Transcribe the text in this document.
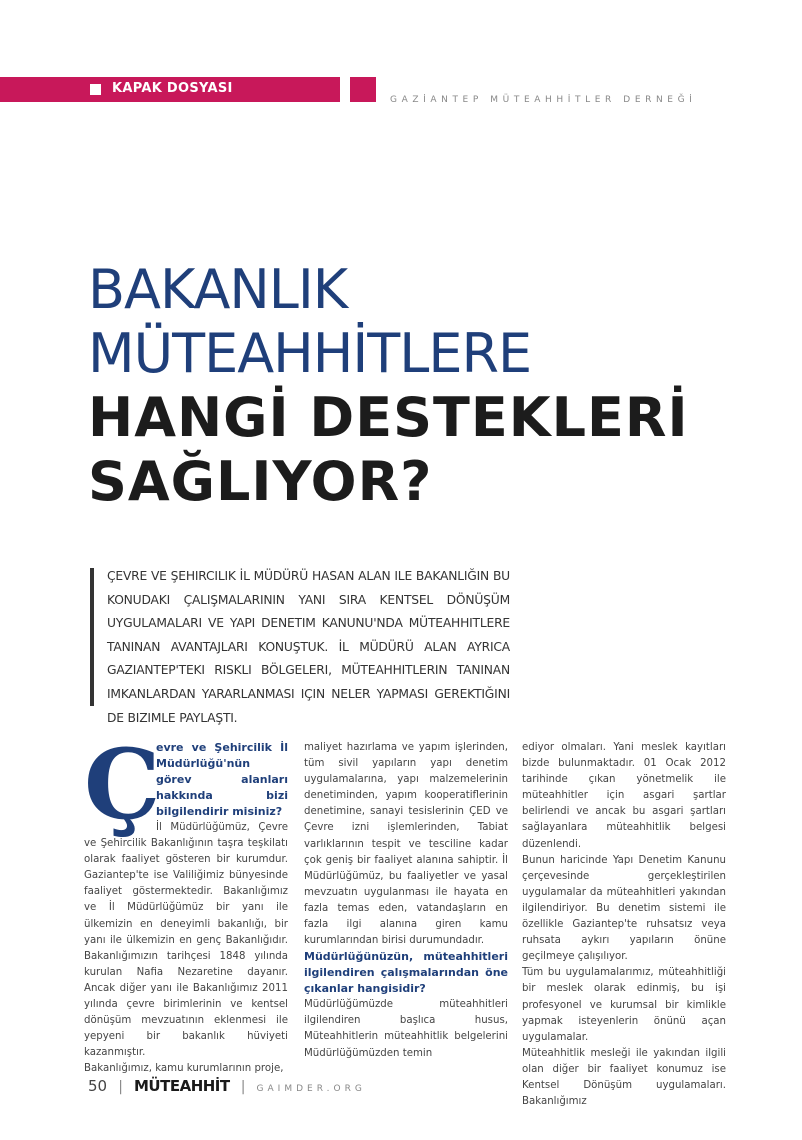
KAPAK DOSYASI
GAZİANTEP MÜTEAHHİTLER DERNEĞİ
BAKANLIK
MÜTEAHHİTLERE
HANGİ DESTEKLERİ
SAĞLIYOR?
ÇEVRE VE ŞEHIRCILIK İL MÜDÜRÜ HASAN ALAN ILE BAKANLIĞIN BU KONUDAKI ÇALIŞMALARININ YANI SIRA KENTSEL DÖNÜŞÜM UYGULAMALARI VE YAPI DENETIM KANUNU'NDA MÜTEAHHITLERE TANINAN AVANTAJLARI KONUŞTUK. İL MÜDÜRÜ ALAN AYRICA GAZIANTEP'TEKI RISKLI BÖLGELERI, MÜTEAHHITLERIN TANINAN IMKANLARDAN YARARLANMASI IÇIN NELER YAPMASI GEREKTIĞINI DE BIZIMLE PAYLAŞTI.
Ç

evre ve Şehircilik İl Müdürlüğü'nün görev alanları hakkında bizi bilgilendirir misiniz?

İl Müdürlüğümüz, Çevre ve Şehircilik Bakanlığının taşra teşkilatı olarak faaliyet gösteren bir kurumdur. Gaziantep'te ise Valiliğimiz bünyesinde faaliyet göstermektedir. Bakanlığımız ve İl Müdürlüğümüz bir yanı ile ülkemizin en deneyimli bakanlığı, bir yanı ile ülkemizin en genç Bakanlığıdır. Bakanlığımızın tarihçesi 1848 yılında kurulan Nafia Nezaretine dayanır. Ancak diğer yanı ile Bakanlığımız 2011 yılında çevre birimlerinin ve kentsel dönüşüm mevzuatının eklenmesi ile yepyeni bir bakanlık hüviyeti kazanmıştır.

Bakanlığımız, kamu kurumlarının proje,

maliyet hazırlama ve yapım işlerinden, tüm sivil yapıların yapı denetim uygulamalarına, yapı malzemelerinin denetiminden, yapım kooperatiflerinin denetimine, sanayi tesislerinin ÇED ve Çevre izni işlemlerinden, Tabiat varlıklarının tespit ve tesciline kadar çok geniş bir faaliyet alanına sahiptir. İl Müdürlüğümüz, bu faaliyetler ve yasal mevzuatın uygulanması ile hayata en fazla temas eden, vatandaşların en fazla ilgi alanına giren kamu kurumlarından birisi durumundadır.

Müdürlüğünüzün, müteahhitleri ilgilendiren çalışmalarından öne çıkanlar hangisidir?

Müdürlüğümüzde müteahhitleri ilgilendiren başlıca husus, Müteahhitlerin müteahhitlik belgelerini Müdürlüğümüzden temin

ediyor olmaları. Yani meslek kayıtları bizde bulunmaktadır. 01 Ocak 2012 tarihinde çıkan yönetmelik ile müteahhitler için asgari şartlar belirlendi ve ancak bu asgari şartları sağlayanlara müteahhitlik belgesi düzenlendi.

Bunun haricinde Yapı Denetim Kanunu çerçevesinde gerçekleştirilen uygulamalar da müteahhitleri yakından ilgilendiriyor. Bu denetim sistemi ile özellikle Gaziantep'te ruhsatsız veya ruhsata aykırı yapıların önüne geçilmeye çalışılıyor.

Tüm bu uygulamalarımız, müteahhitliği bir meslek olarak edinmiş, bu işi profesyonel ve kurumsal bir kimlikle yapmak isteyenlerin önünü açan uygulamalar.

Müteahhitlik mesleği ile yakından ilgili olan diğer bir faaliyet konumuz ise Kentsel Dönüşüm uygulamaları. Bakanlığımız

50 | MÜTEAHHİT | GAIMDER.ORG
